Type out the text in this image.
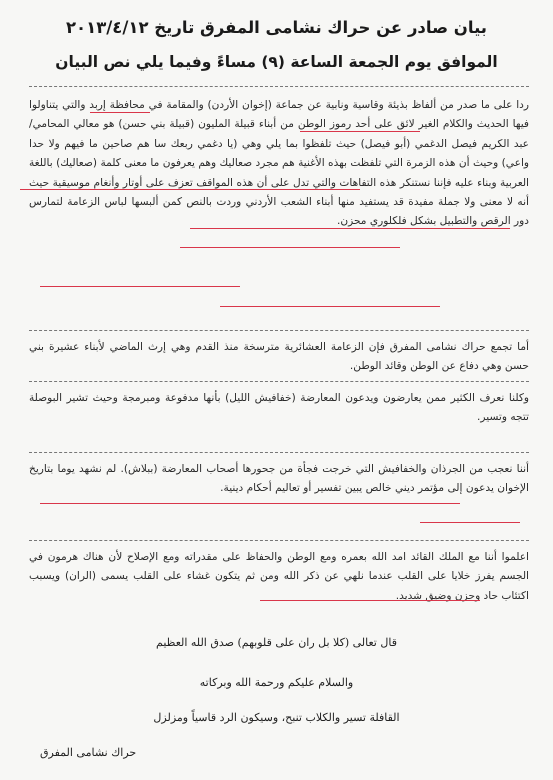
بيان صادر عن حراك نشامى المفرق تاريخ ٢٠١٣/٤/١٢
الموافق يوم الجمعة الساعة (٩) مساءً وفيما يلي نص البيان
ردا على ما صدر من ألفاظ بذيئة وقاسية ونابية عن جماعة (إخوان الأردن) والمقامة في محافظة إربد والتي يتناولوا فيها الحديث والكلام الغير لائق على أحد رموز الوطن من أبناء قبيلة المليون (قبيلة بني حسن) هو معالي المحامي/ عبد الكريم فيصل الدغمي (أبو فيصل) حيث تلفظوا بما يلي وهي (يا دغمي ربعك سا هم صاحين ما فيهم ولا حدا واعي) وحيث أن هذه الزمرة التي تلفظت بهذه الأغنية هم مجرد صعاليك وهم يعرفون ما معنى كلمة (صعاليك) باللغة العربية وبناء عليه فإننا نستنكر هذه التفاهات والتي تدل على أن هذه المواقف تعزف على أوتار وأنغام موسيقية حيث أنه لا معنى ولا جملة مفيدة قد يستفيد منها أبناء الشعب الأردني وردت بالنص كمن ألبسها لباس الزعامة لتمارس دور الرقص والتطبيل بشكل فلكلوري محزن.
أما تجمع حراك نشامى المفرق فإن الزعامة العشائرية مترسخة منذ القدم وهي إرث الماضي لأبناء عشيرة بني حسن وهي دفاع عن الوطن وقائد الوطن.
وكلنا نعرف الكثير ممن يعارضون ويدعون المعارضة (خفافيش الليل) بأنها مدفوعة ومبرمجة وحيث تشير البوصلة تتجه وتسير.
أننا نعجب من الجرذان والخفافيش التي خرجت فجأة من جحورها أصحاب المعارضة (ببلاش). لم نشهد يوما بتاريخ الإخوان يدعون إلى مؤتمر ديني خالص يبين تفسير أو تعاليم أحكام دينية.
اعلموا أننا مع الملك القائد امد الله بعمره ومع الوطن والحفاظ على مقدراته ومع الإصلاح لأن هناك هرمون في الجسم يفرز خلايا على القلب عندما نلهي عن ذكر الله ومن ثم يتكون غشاء على القلب يسمى (الران) ويسبب اكتئاب حاد وحزن وضيق شديد.
قال تعالى (كلا بل ران على قلوبهم) صدق الله العظيم
والسلام عليكم ورحمة الله وبركاته
القافلة تسير والكلاب تنبح، وسيكون الرد قاسياً ومزلزل
حراك نشامى المفرق
